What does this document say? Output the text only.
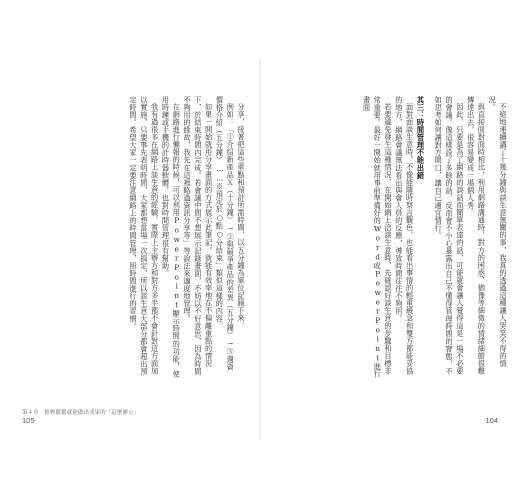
分享，接著把這些重點和預計所需時間，以五分鐘為單位記錄下來。

例如：「①介紹新產品Ｘ（十分鐘）─②與競爭產品的差異（五分鐘）─③週資價格介紹（五分鐘）……※預定於○點○分結束」類似這樣的內容。

如果一開始就用分享畫面的方式展示此筆記，就能有效率地在不偏離重點的情況下，於結束時間內完成。若會議中間不想展示記錄畫面，不妨以不好意思，因為時間不夠用的緣故，我先在這裡略過資訊分享等」等說法來適度地管理。

在網路進行懶報的時候，可以利用PowerPoint顯示時間的功能，使用時鐘或手機的計時器軟體，也對時間管理很有幫助。

我有過很多在網路上談生意的經驗，實際上主辦方和對方多半都不會針對這方面加以實施，只要事先表明時間，大家都想當場一次搞定，所以談生意大部分都會超出預定時間。希望大家一定要注意網路上的時間管理，照時間進行的習慣。

第４章　輕輕鬆鬆就能做出成果的「這麼辦公」
105

不絕地連續講了十幾分鐘與談生意無關的事，我真的透過這種讓人哭笑不得的情況。

與直接面對面時相比，利用網路溝通時，對方的困惑、猶豫等細微的情緒細節很難傳達出去，很容易變成一場個人秀。

因此，只要是為了網路的談話而簡單表達的話，可能就會讓人覺得這是一場不必要的會議。像這樣設了多餘的話，反而會不小心暴露出自己不懂得管理時間的窘態，不如思考如何讓對方開口，讓自己適宜情行。

其三：時間管理不能出錯

面對面談生意時，不像能隨時察言觀色，也能看出事情的輕重緩急和雙方都能妥協的地方，網路會議無法看出與會人員的反應，導致時間往往不夠用。

若要避免發生這種情況，在開始網上洽談生意時，先確認好談生意的步驟和目標非常重要。最好一開始就用事前準備好的Word或PowerPoint進行畫面

104
